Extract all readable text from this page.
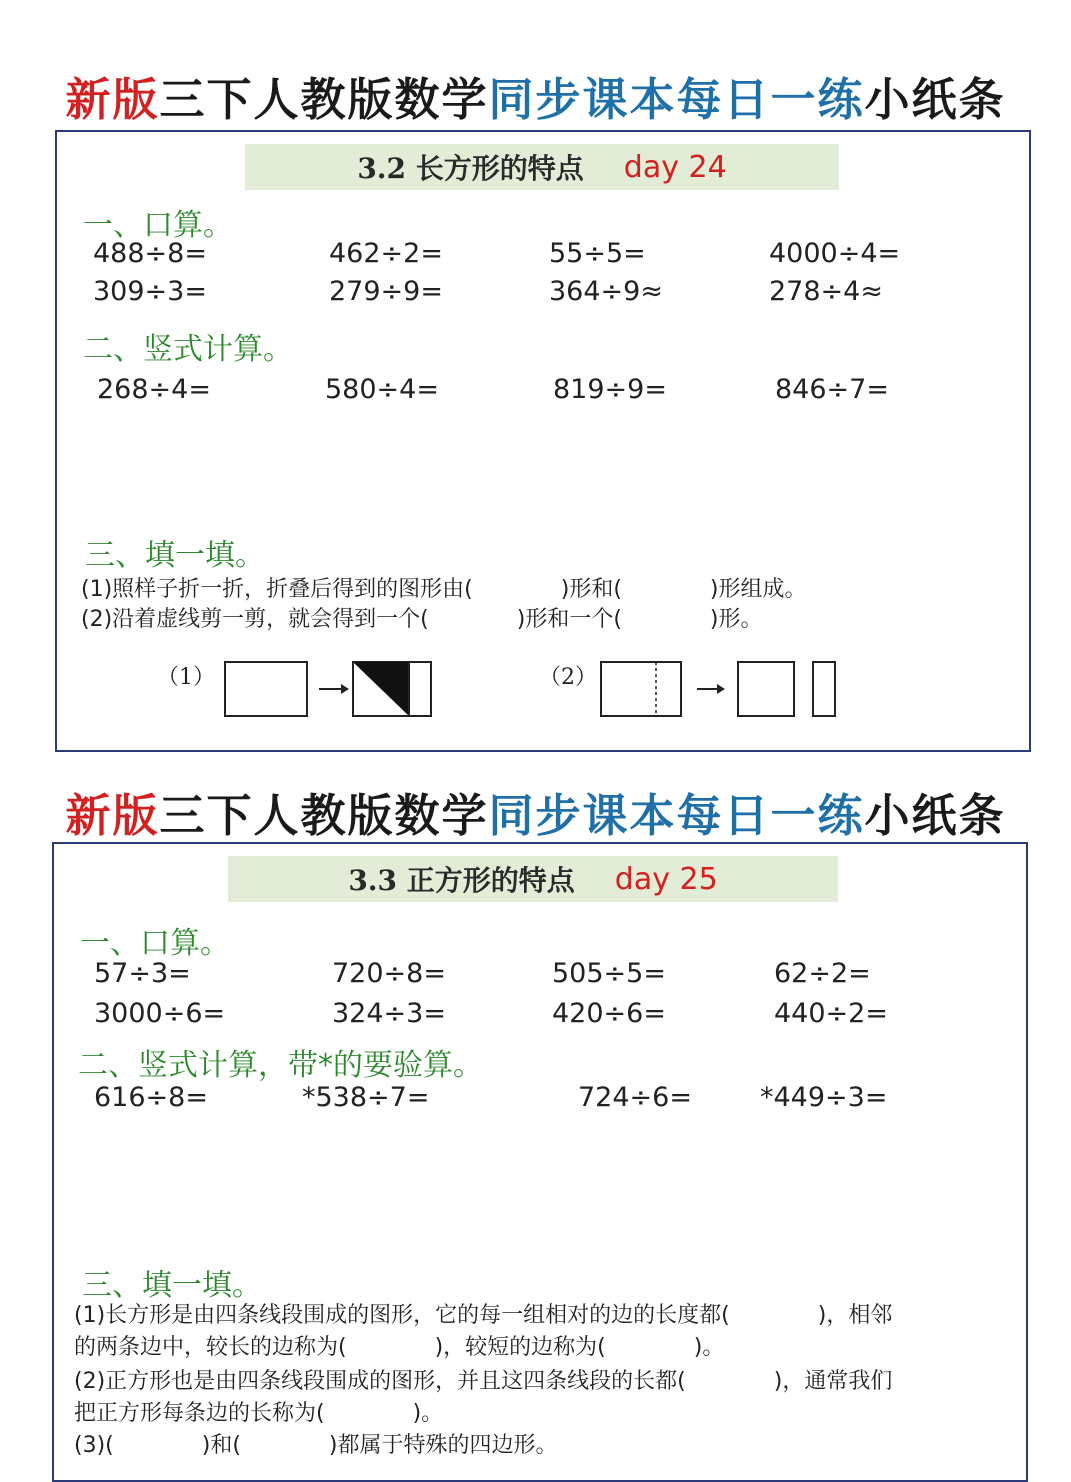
新版三下人教版数学同步课本每日一练小纸条
3.2 长方形的特点 day 24
一、口算。
488÷8=	462÷2=	55÷5=	4000÷4=
309÷3=	279÷9=	364÷9≈	278÷4≈
二、竖式计算。
268÷4=	580÷4=	819÷9=	846÷7=
三、填一填。
(1)照样子折一折，折叠后得到的图形由(　　　　)形和(　　　　)形组成。
(2)沿着虚线剪一剪，就会得到一个(　　　　)形和一个(　　　　)形。
（1）	（2）
新版三下人教版数学同步课本每日一练小纸条
3.3 正方形的特点 day 25
一、口算。
57÷3=	720÷8=	505÷5=	62÷2=
3000÷6=	324÷3=	420÷6=	440÷2=
二、竖式计算，带*的要验算。
616÷8=	*538÷7=	724÷6=	*449÷3=
三、填一填。
(1)长方形是由四条线段围成的图形，它的每一组相对的边的长度都(　　　　)，相邻
的两条边中，较长的边称为(　　　　)，较短的边称为(　　　　)。
(2)正方形也是由四条线段围成的图形，并且这四条线段的长都(　　　　)，通常我们
把正方形每条边的长称为(　　　　)。
(3)(　　　　)和(　　　　)都属于特殊的四边形。
